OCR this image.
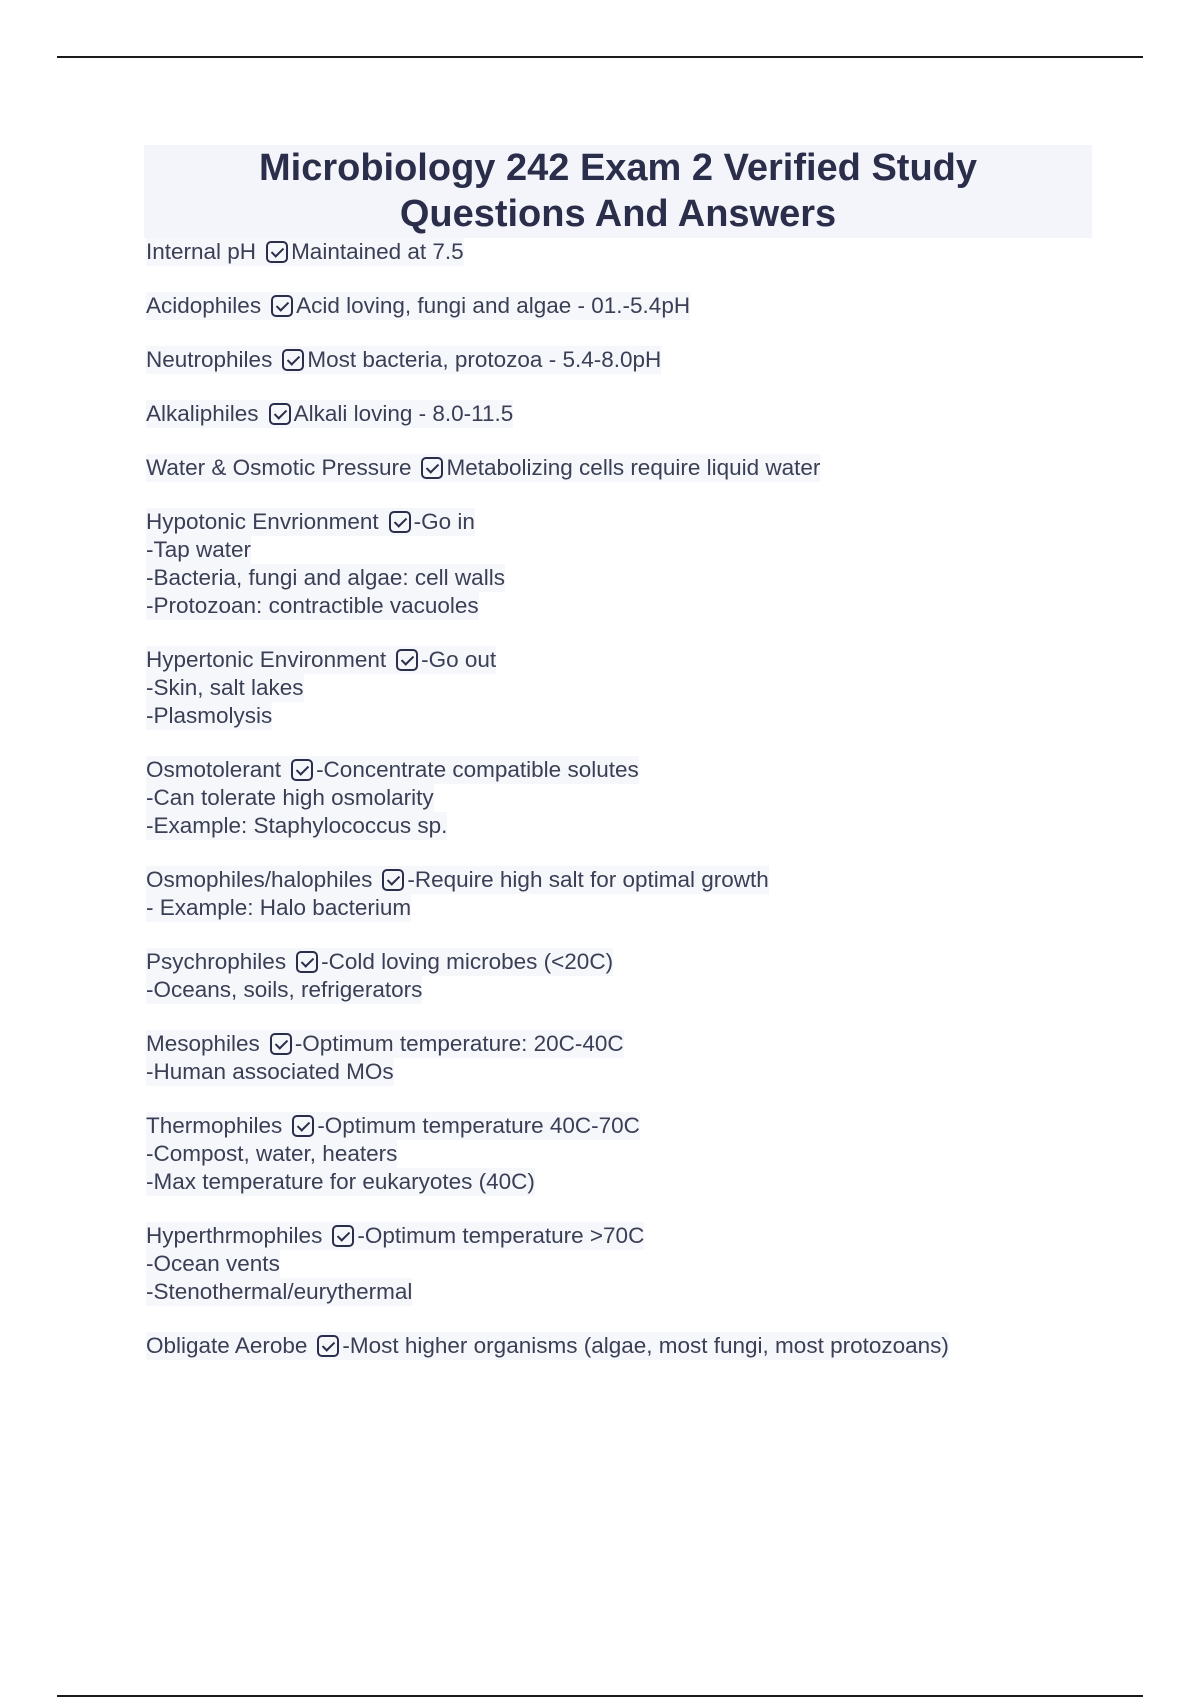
Microbiology 242 Exam 2 Verified Study
Questions And Answers
Internal pH Maintained at 7.5
Acidophiles Acid loving, fungi and algae - 01.-5.4pH
Neutrophiles Most bacteria, protozoa - 5.4-8.0pH
Alkaliphiles Alkali loving - 8.0-11.5
Water & Osmotic Pressure Metabolizing cells require liquid water
Hypotonic Envrionment -Go in
-Tap water
-Bacteria, fungi and algae: cell walls
-Protozoan: contractible vacuoles
Hypertonic Environment -Go out
-Skin, salt lakes
-Plasmolysis
Osmotolerant -Concentrate compatible solutes
-Can tolerate high osmolarity
-Example: Staphylococcus sp.
Osmophiles/halophiles -Require high salt for optimal growth
- Example: Halo bacterium
Psychrophiles -Cold loving microbes (<20C)
-Oceans, soils, refrigerators
Mesophiles -Optimum temperature: 20C-40C
-Human associated MOs
Thermophiles -Optimum temperature 40C-70C
-Compost, water, heaters
-Max temperature for eukaryotes (40C)
Hyperthrmophiles -Optimum temperature >70C
-Ocean vents
-Stenothermal/eurythermal
Obligate Aerobe -Most higher organisms (algae, most fungi, most protozoans)
